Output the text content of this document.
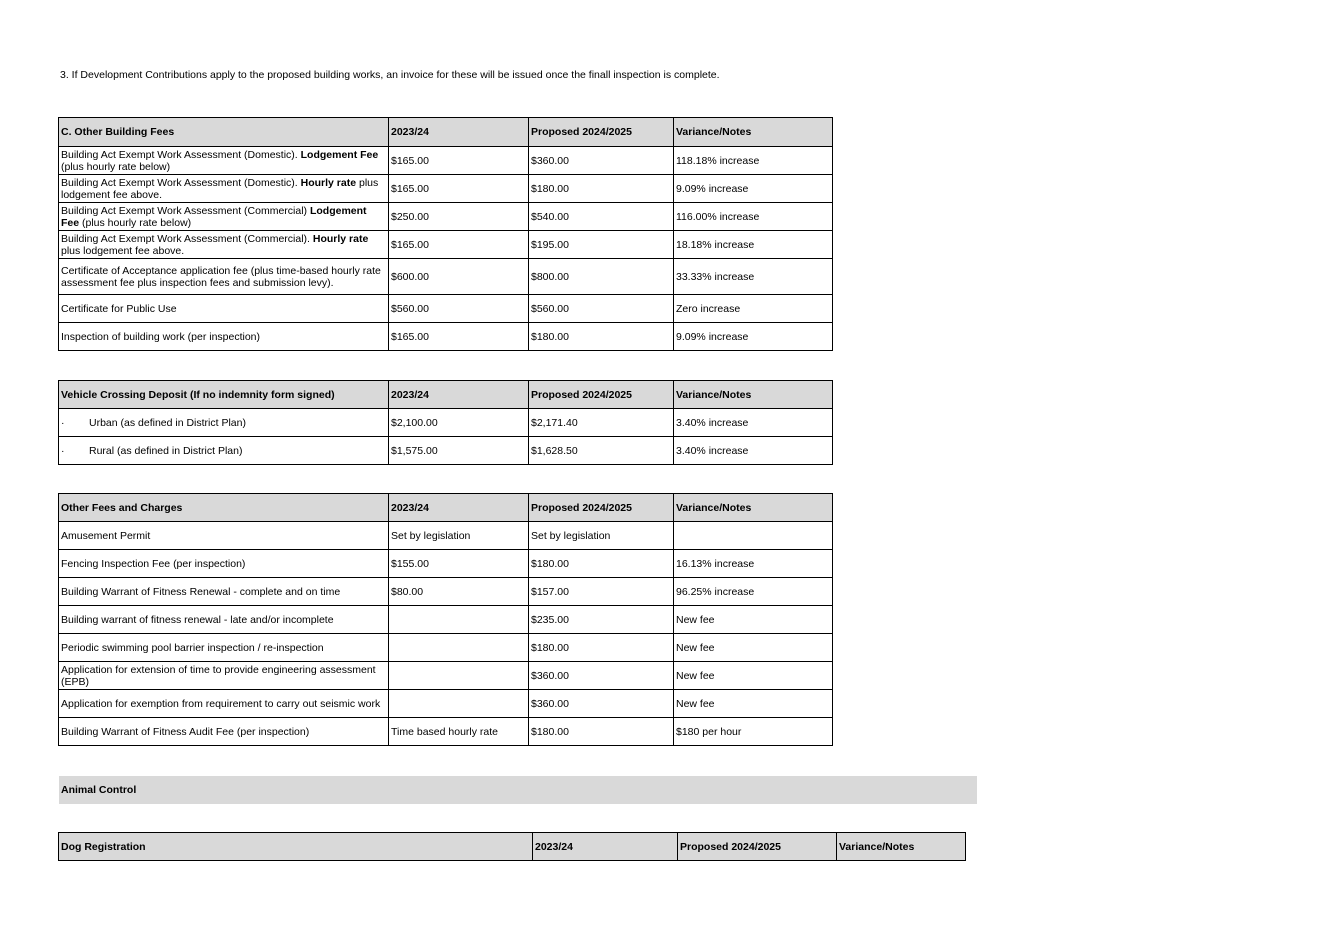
3. If Development Contributions apply to the proposed building works, an invoice for these will be issued once the finall inspection is complete.
C. Other Building Fees	2023/24	Proposed 2024/2025	Variance/Notes
Building Act Exempt Work Assessment (Domestic). Lodgement Fee (plus hourly rate below)	$165.00	$360.00	118.18% increase
Building Act Exempt Work Assessment (Domestic). Hourly rate plus lodgement fee above.	$165.00	$180.00	9.09% increase
Building Act Exempt Work Assessment (Commercial) Lodgement Fee (plus hourly rate below)	$250.00	$540.00	116.00% increase
Building Act Exempt Work Assessment (Commercial). Hourly rate plus lodgement fee above.	$165.00	$195.00	18.18% increase
Certificate of Acceptance application fee (plus time-based hourly rate assessment fee plus inspection fees and submission levy).	$600.00	$800.00	33.33% increase
Certificate for Public Use	$560.00	$560.00	Zero increase
Inspection of building work (per inspection)	$165.00	$180.00	9.09% increase
Vehicle Crossing Deposit (If no indemnity form signed)	2023/24	Proposed 2024/2025	Variance/Notes
· Urban (as defined in District Plan)	$2,100.00	$2,171.40	3.40% increase
· Rural (as defined in District Plan)	$1,575.00	$1,628.50	3.40% increase
Other Fees and Charges	2023/24	Proposed 2024/2025	Variance/Notes
Amusement Permit	Set by legislation	Set by legislation	
Fencing Inspection Fee (per inspection)	$155.00	$180.00	16.13% increase
Building Warrant of Fitness Renewal - complete and on time	$80.00	$157.00	96.25% increase
Building warrant of fitness renewal - late and/or incomplete		$235.00	New fee
Periodic swimming pool barrier inspection / re-inspection		$180.00	New fee
Application for extension of time to provide engineering assessment (EPB)		$360.00	New fee
Application for exemption from requirement to carry out seismic work		$360.00	New fee
Building Warrant of Fitness Audit Fee (per inspection)	Time based hourly rate	$180.00	$180 per hour
Animal Control
Dog Registration	2023/24	Proposed 2024/2025	Variance/Notes
